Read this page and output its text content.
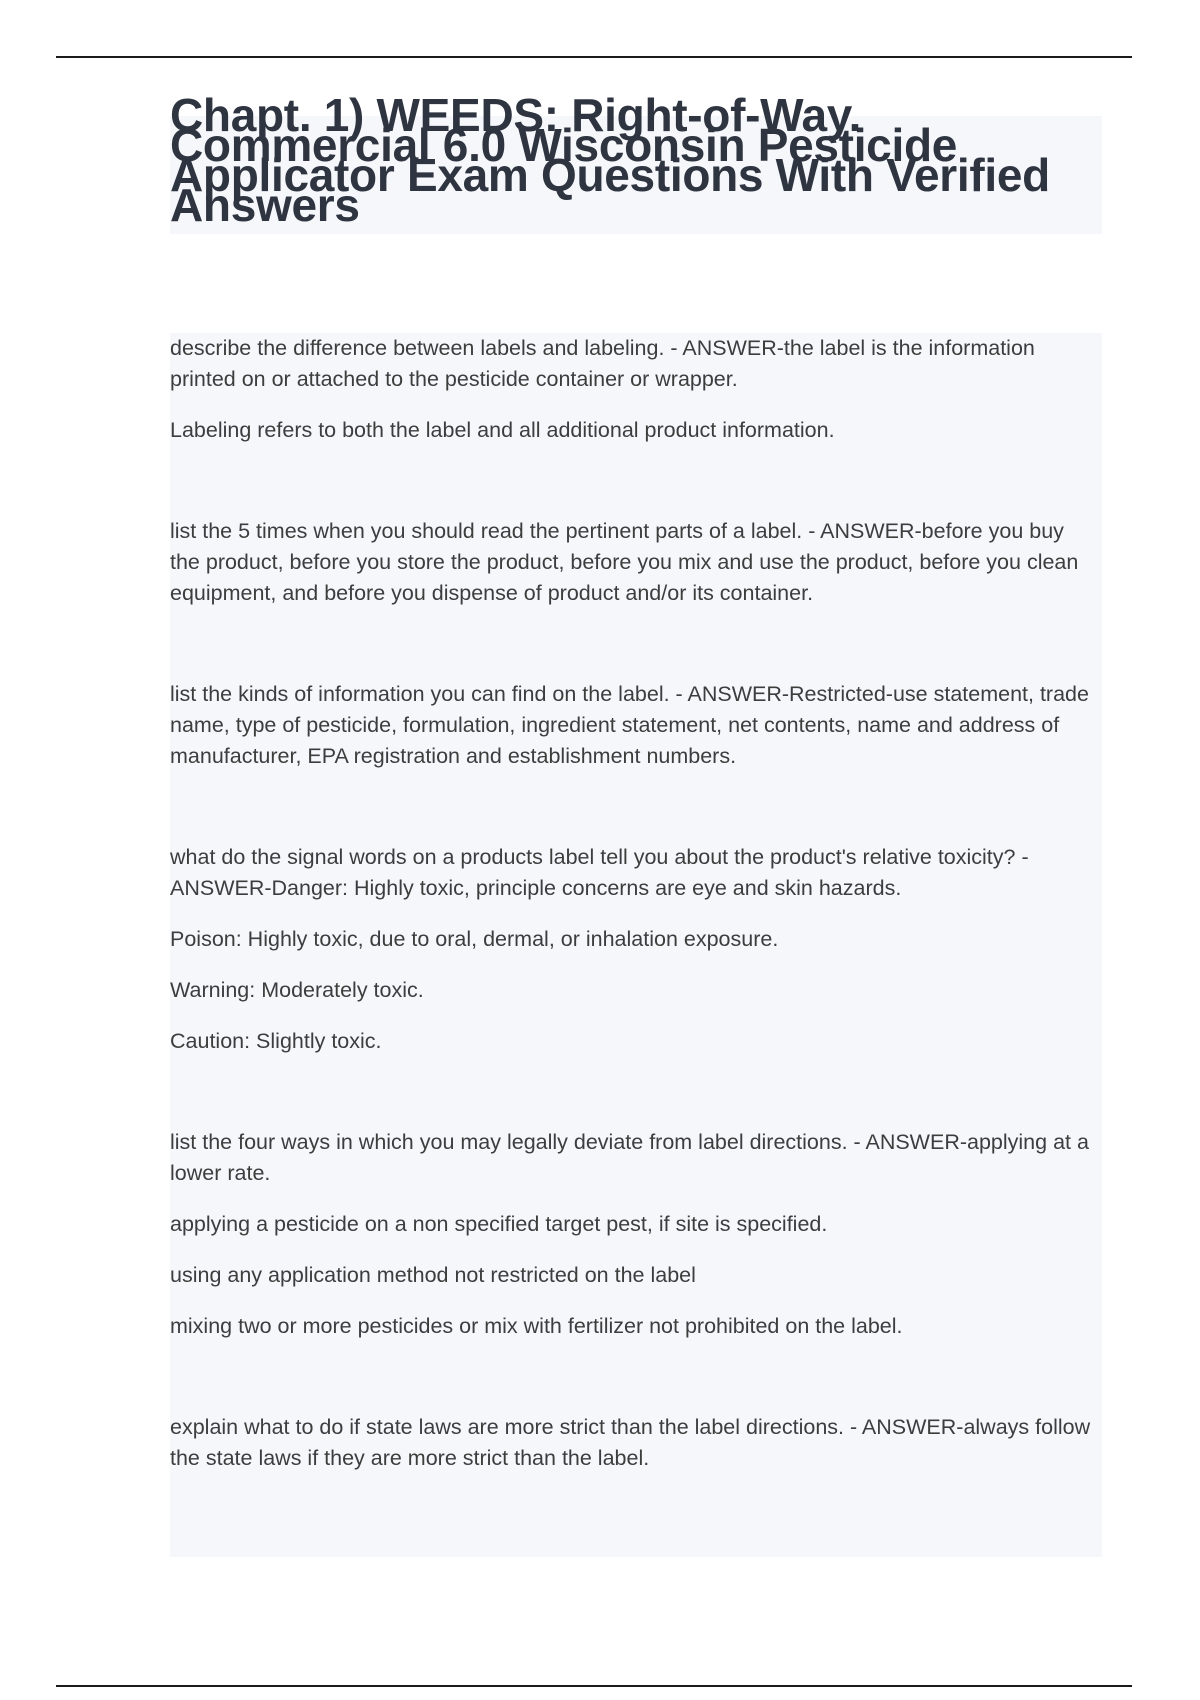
Chapt. 1) WEEDS: Right-of-Way. Commercial 6.0 Wisconsin Pesticide Applicator Exam Questions With Verified Answers

describe the difference between labels and labeling. - ANSWER-the label is the information printed on or attached to the pesticide container or wrapper.

Labeling refers to both the label and all additional product information.

list the 5 times when you should read the pertinent parts of a label. - ANSWER-before you buy the product, before you store the product, before you mix and use the product, before you clean equipment, and before you dispense of product and/or its container.

list the kinds of information you can find on the label. - ANSWER-Restricted-use statement, trade name, type of pesticide, formulation, ingredient statement, net contents, name and address of manufacturer, EPA registration and establishment numbers.

what do the signal words on a products label tell you about the product's relative toxicity? - ANSWER-Danger: Highly toxic, principle concerns are eye and skin hazards.

Poison: Highly toxic, due to oral, dermal, or inhalation exposure.

Warning: Moderately toxic.

Caution: Slightly toxic.

list the four ways in which you may legally deviate from label directions. - ANSWER-applying at a lower rate.

applying a pesticide on a non specified target pest, if site is specified.

using any application method not restricted on the label

mixing two or more pesticides or mix with fertilizer not prohibited on the label.

explain what to do if state laws are more strict than the label directions. - ANSWER-always follow the state laws if they are more strict than the label.
